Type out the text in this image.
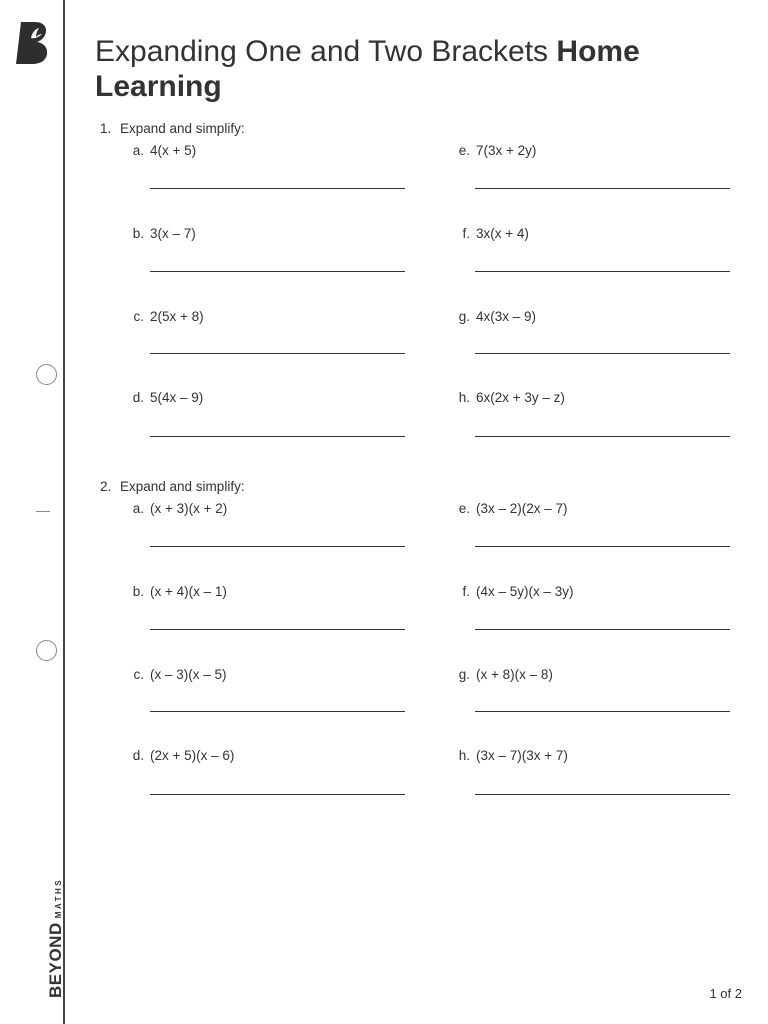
BEYONDMATHS
Expanding One and Two Brackets Home Learning
1. Expand and simplify:
a. 4(x + 5)
b. 3(x – 7)
c. 2(5x + 8)
d. 5(4x – 9)
e. 7(3x + 2y)
f. 3x(x + 4)
g. 4x(3x – 9)
h. 6x(2x + 3y – z)
2. Expand and simplify:
a. (x + 3)(x + 2)
b. (x + 4)(x – 1)
c. (x – 3)(x – 5)
d. (2x + 5)(x – 6)
e. (3x – 2)(2x – 7)
f. (4x – 5y)(x – 3y)
g. (x + 8)(x – 8)
h. (3x – 7)(3x + 7)
1 of 2
